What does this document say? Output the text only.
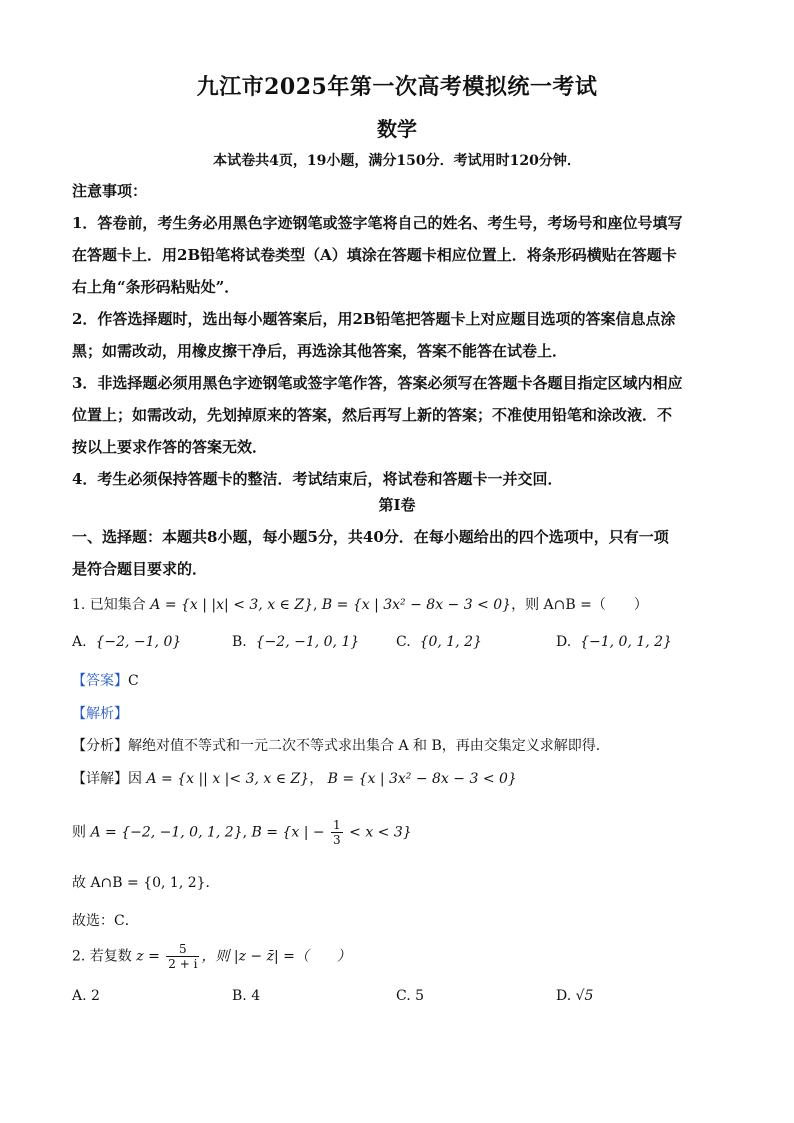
九江市2025年第一次高考模拟统一考试
数学
本试卷共4页，19小题，满分150分．考试用时120分钟．
注意事项：
1．答卷前，考生务必用黑色字迹钢笔或签字笔将自己的姓名、考生号，考场号和座位号填写
在答题卡上．用2B铅笔将试卷类型（A）填涂在答题卡相应位置上．将条形码横贴在答题卡
右上角“条形码粘贴处”．
2．作答选择题时，选出每小题答案后，用2B铅笔把答题卡上对应题目选项的答案信息点涂
黑；如需改动，用橡皮擦干净后，再选涂其他答案，答案不能答在试卷上．
3．非选择题必须用黑色字迹钢笔或签字笔作答，答案必须写在答题卡各题目指定区域内相应
位置上；如需改动，先划掉原来的答案，然后再写上新的答案；不准使用铅笔和涂改液．不
按以上要求作答的答案无效．
4．考生必须保持答题卡的整洁．考试结束后，将试卷和答题卡一并交回．
第Ⅰ卷
一、选择题：本题共8小题，每小题5分，共40分．在每小题给出的四个选项中，只有一项
是符合题目要求的．
1. 已知集合 A = {x | |x| < 3, x ∈ Z}, B = {x | 3x² − 8x − 3 < 0}，则 A∩B =（　　）
A. {−2, −1, 0}	B. {−2, −1, 0, 1}	C. {0, 1, 2}	D. {−1, 0, 1, 2}
【答案】C
【解析】
【分析】解绝对值不等式和一元二次不等式求出集合 A 和 B，再由交集定义求解即得.
【详解】因 A = {x || x |< 3, x ∈ Z}， B = {x | 3x² − 8x − 3 < 0}
则 A = {−2, −1, 0, 1, 2}, B = {x | − $\frac{1}{3} < x < 3$}
故 A∩B = {0, 1, 2}．
故选：C．
2. 若复数 $z = \frac{5}{2 + i}$ ，则 |z − z̄| =（　　）
A. 2	B. 4	C. 5	D. √5
